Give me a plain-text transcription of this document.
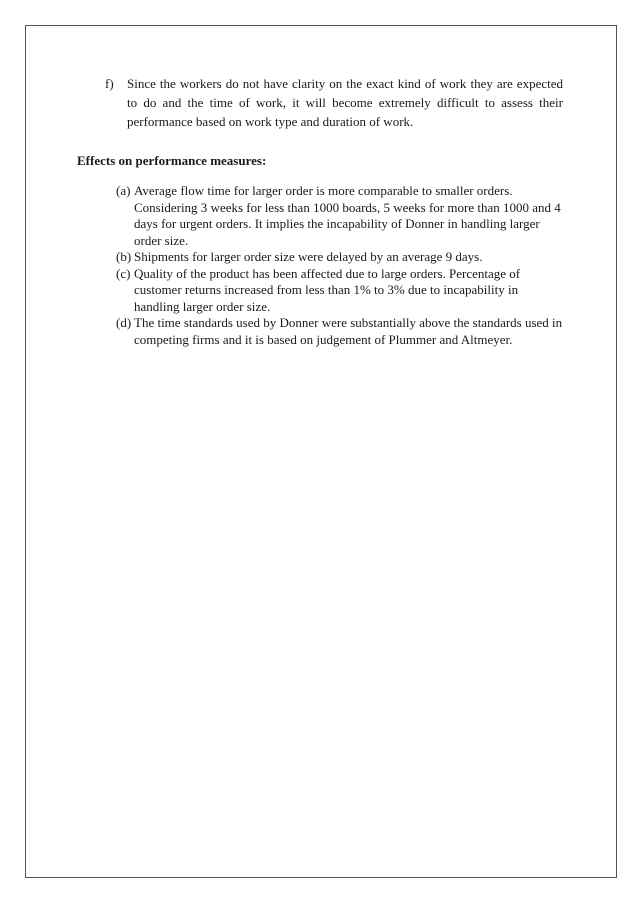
f) Since the workers do not have clarity on the exact kind of work they are expected to do and the time of work, it will become extremely difficult to assess their performance based on work type and duration of work.
Effects on performance measures:
(a) Average flow time for larger order is more comparable to smaller orders. Considering 3 weeks for less than 1000 boards, 5 weeks for more than 1000 and 4 days for urgent orders. It implies the incapability of Donner in handling larger order size.
(b) Shipments for larger order size were delayed by an average 9 days.
(c) Quality of the product has been affected due to large orders. Percentage of customer returns increased from less than 1% to 3% due to incapability in handling larger order size.
(d) The time standards used by Donner were substantially above the standards used in competing firms and it is based on judgement of Plummer and Altmeyer.
